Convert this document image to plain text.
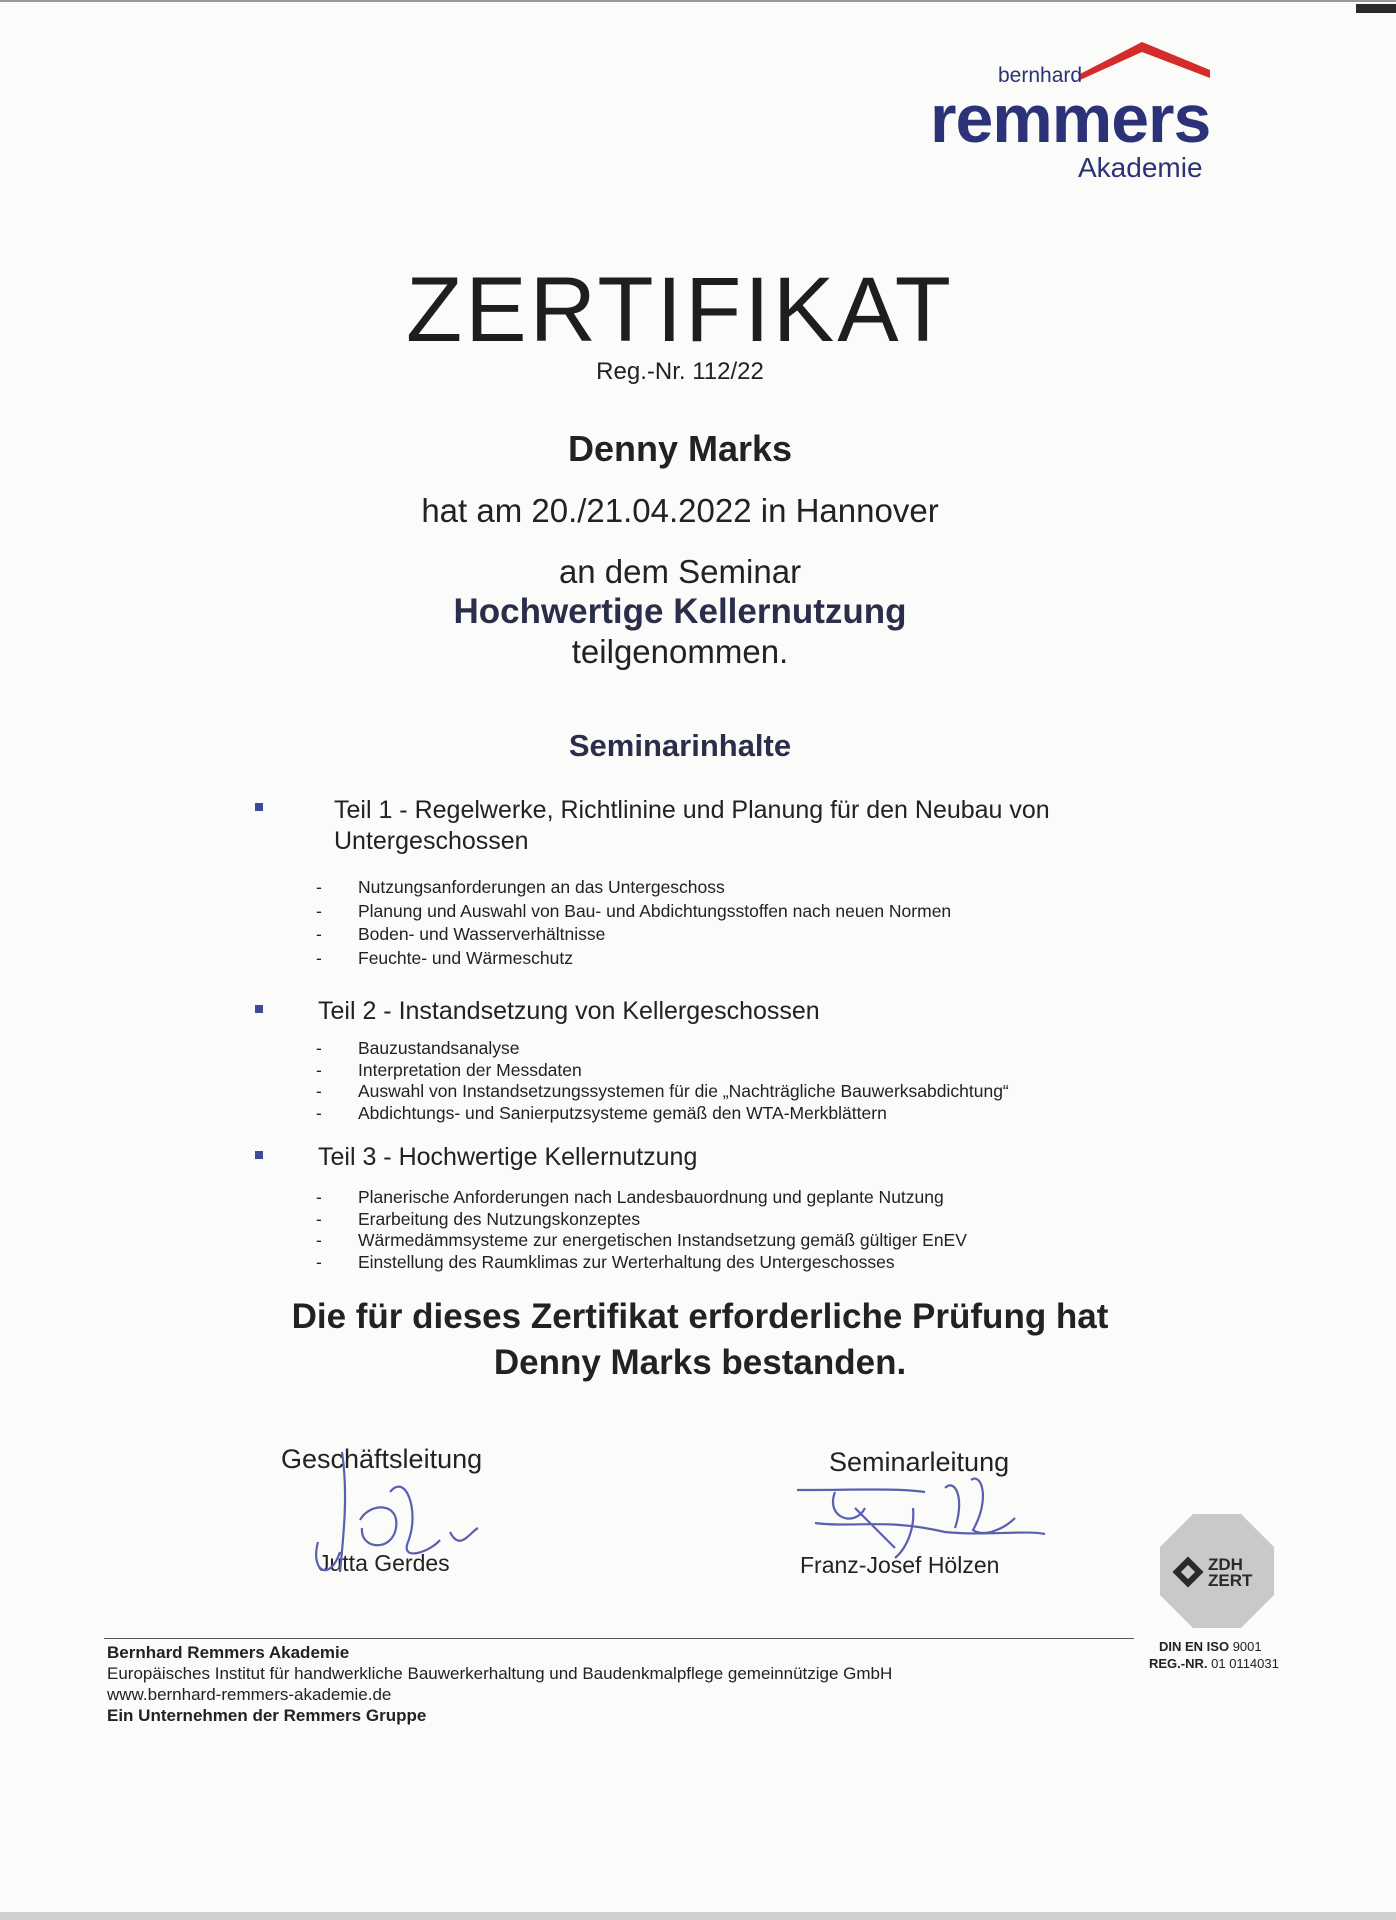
bernhard
remmers
Akademie
ZERTIFIKAT
Reg.-Nr. 112/22
Denny Marks
hat am 20./21.04.2022 in Hannover
an dem Seminar
Hochwertige Kellernutzung
teilgenommen.
Seminarinhalte
Teil 1 - Regelwerke, Richtlinine und Planung für den Neubau von Untergeschossen
- Nutzungsanforderungen an das Untergeschoss
- Planung und Auswahl von Bau- und Abdichtungsstoffen nach neuen Normen
- Boden- und Wasserverhältnisse
- Feuchte- und Wärmeschutz
Teil 2 - Instandsetzung von Kellergeschossen
- Bauzustandsanalyse
- Interpretation der Messdaten
- Auswahl von Instandsetzungssystemen für die „Nachträgliche Bauwerksabdichtung“
- Abdichtungs- und Sanierputzsysteme gemäß den WTA-Merkblättern
Teil 3 - Hochwertige Kellernutzung
- Planerische Anforderungen nach Landesbauordnung und geplante Nutzung
- Erarbeitung des Nutzungskonzeptes
- Wärmedämmsysteme zur energetischen Instandsetzung gemäß gültiger EnEV
- Einstellung des Raumklimas zur Werterhaltung des Untergeschosses
Die für dieses Zertifikat erforderliche Prüfung hat
Denny Marks bestanden.
Geschäftsleitung
Jutta Gerdes
Seminarleitung
Franz-Josef Hölzen	ZDH
ZERT
DIN EN ISO 9001
REG.-NR. 01 0114031
Bernhard Remmers Akademie
Europäisches Institut für handwerkliche Bauwerkerhaltung und Baudenkmalpflege gemeinnützige GmbH
www.bernhard-remmers-akademie.de
Ein Unternehmen der Remmers Gruppe
